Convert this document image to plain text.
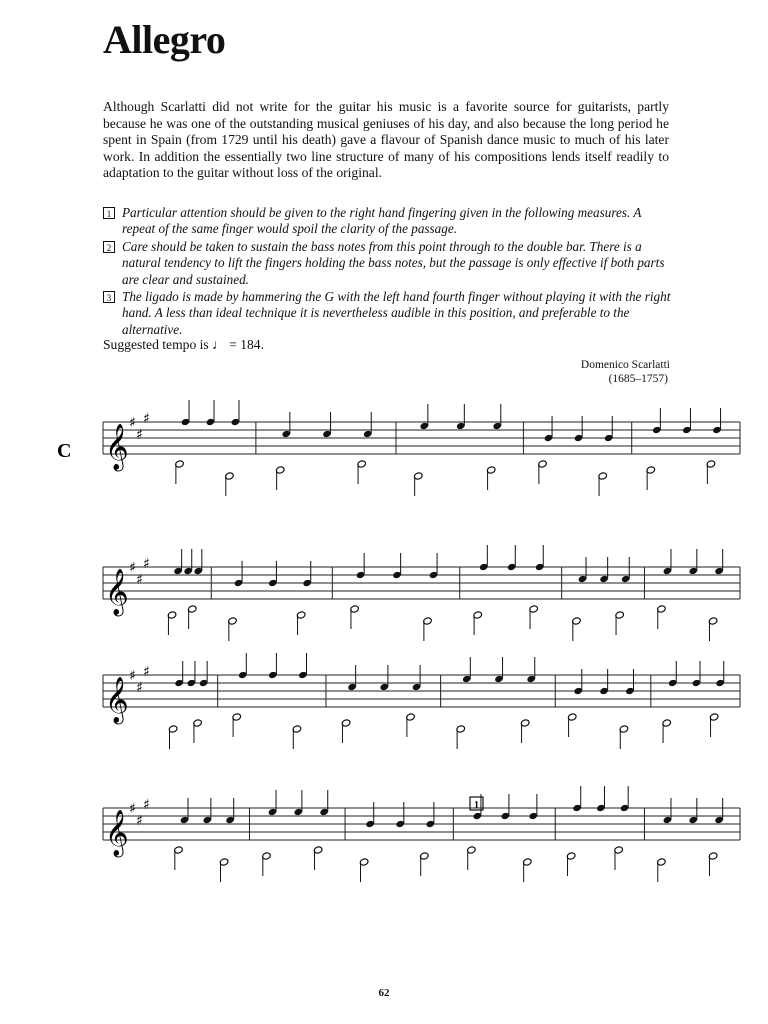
Allegro
Although Scarlatti did not write for the guitar his music is a favorite source for guitarists, partly because he was one of the outstanding musical geniuses of his day, and also because the long period he spent in Spain (from 1729 until his death) gave a flavour of Spanish dance music to much of his later work. In addition the essentially two line structure of many of his compositions lends itself readily to adaptation to the guitar without loss of the original.
1 Particular attention should be given to the right hand fingering given in the following measures. A repeat of the same finger would spoil the clarity of the passage.
2 Care should be taken to sustain the bass notes from this point through to the double bar. There is a natural tendency to lift the fingers holding the bass notes, but the passage is only effective if both parts are clear and sustained.
3 The ligado is made by hammering the G with the left hand fourth finger without playing it with the right hand. A less than ideal technique it is nevertheless audible in this position, and preferable to the alternative.
Suggested tempo is ♩ = 184.
Domenico Scarlatti
(1685–1757)
𝄞
♯
♯
♯
𝄞
♯
♯
♯
𝄞
♯
♯
♯
𝄞
♯
♯
♯
C
1
62
